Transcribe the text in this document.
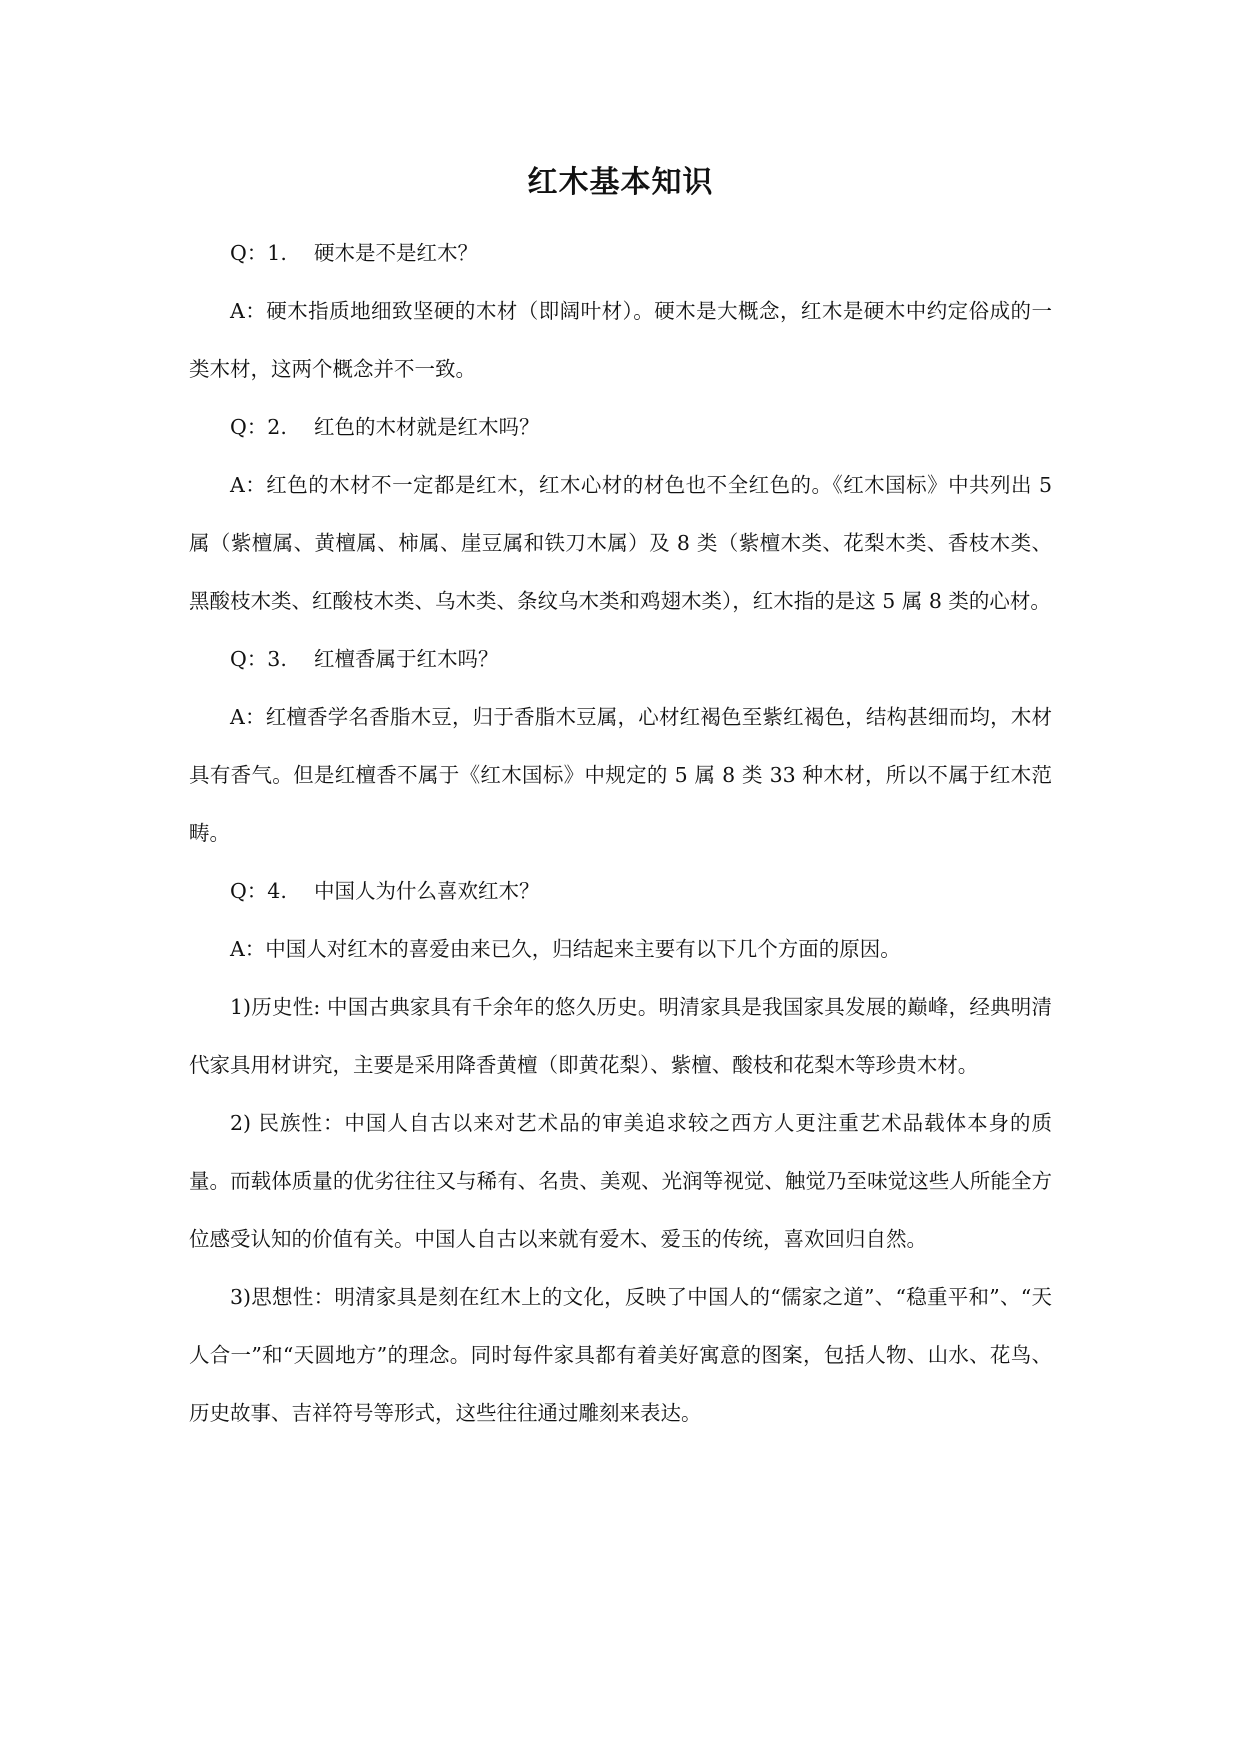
红木基本知识

Q：1. 硬木是不是红木？

A：硬木指质地细致坚硬的木材（即阔叶材）。硬木是大概念，红木是硬木中约定俗成的一类木材，这两个概念并不一致。

Q：2. 红色的木材就是红木吗？

A：红色的木材不一定都是红木，红木心材的材色也不全红色的。《红木国标》中共列出 5 属（紫檀属、黄檀属、柿属、崖豆属和铁刀木属）及 8 类（紫檀木类、花梨木类、香枝木类、黑酸枝木类、红酸枝木类、乌木类、条纹乌木类和鸡翅木类），红木指的是这 5 属 8 类的心材。

Q：3. 红檀香属于红木吗？

A：红檀香学名香脂木豆，归于香脂木豆属，心材红褐色至紫红褐色，结构甚细而均，木材具有香气。但是红檀香不属于《红木国标》中规定的 5 属 8 类 33 种木材，所以不属于红木范畴。

Q：4. 中国人为什么喜欢红木？

A：中国人对红木的喜爱由来已久，归结起来主要有以下几个方面的原因。

1)历史性: 中国古典家具有千余年的悠久历史。明清家具是我国家具发展的巅峰，经典明清代家具用材讲究，主要是采用降香黄檀（即黄花梨）、紫檀、酸枝和花梨木等珍贵木材。

2) 民族性：中国人自古以来对艺术品的审美追求较之西方人更注重艺术品载体本身的质量。而载体质量的优劣往往又与稀有、名贵、美观、光润等视觉、触觉乃至味觉这些人所能全方位感受认知的价值有关。中国人自古以来就有爱木、爱玉的传统，喜欢回归自然。

3)思想性：明清家具是刻在红木上的文化，反映了中国人的“儒家之道”、“稳重平和”、“天人合一”和“天圆地方”的理念。同时每件家具都有着美好寓意的图案，包括人物、山水、花鸟、历史故事、吉祥符号等形式，这些往往通过雕刻来表达。
